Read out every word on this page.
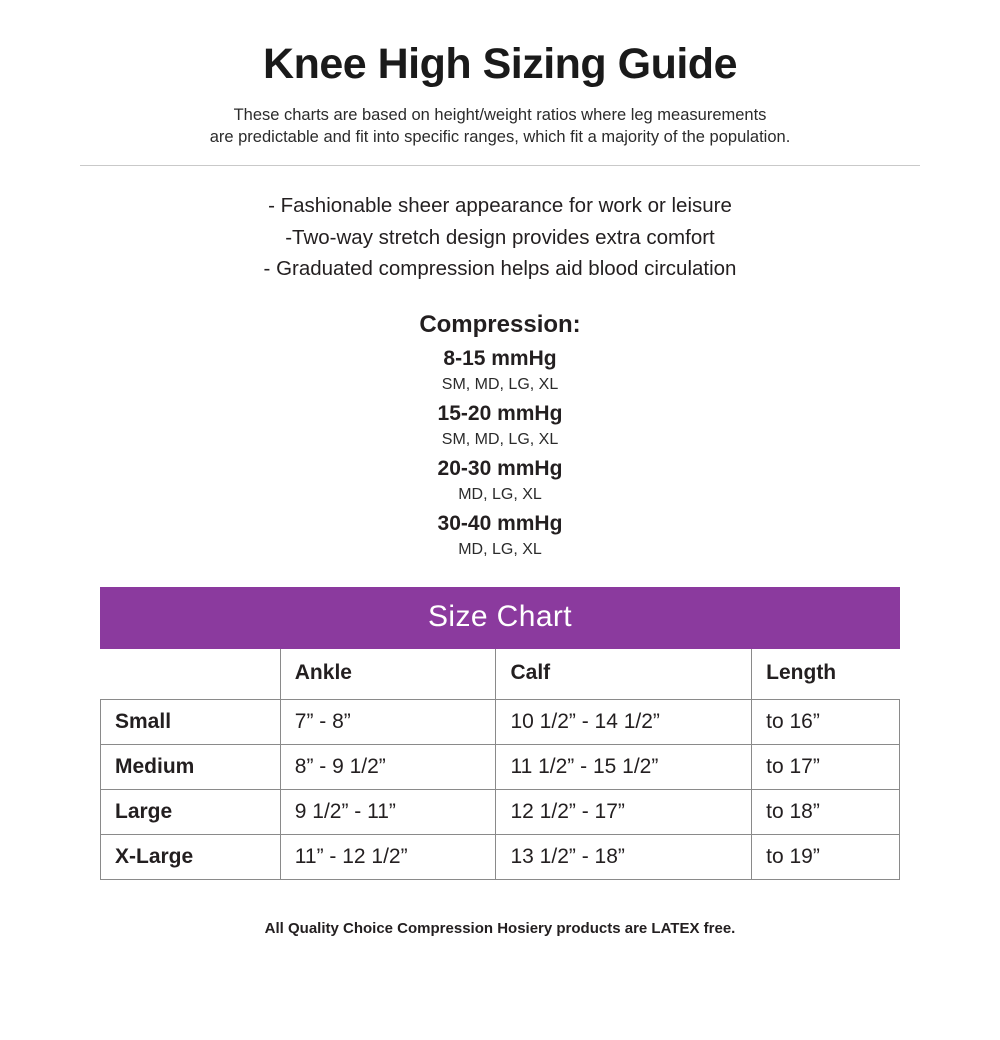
Knee High Sizing Guide
These charts are based on height/weight ratios where leg measurements
are predictable and fit into specific ranges, which fit a majority of the population.
- Fashionable sheer appearance for work or leisure
-Two-way stretch design provides extra comfort
- Graduated compression helps aid blood circulation
Compression:
8-15 mmHg
SM, MD, LG, XL
15-20 mmHg
SM, MD, LG, XL
20-30 mmHg
MD, LG, XL
30-40 mmHg
MD, LG, XL
Size Chart
	Ankle	Calf	Length
Small	7” - 8”	10 1/2” - 14 1/2”	to 16”
Medium	8” - 9 1/2”	11 1/2” - 15 1/2”	to 17”
Large	9 1/2” - 11”	12 1/2” - 17”	to 18”
X-Large	11” - 12 1/2”	13 1/2” - 18”	to 19”
All Quality Choice Compression Hosiery products are LATEX free.
